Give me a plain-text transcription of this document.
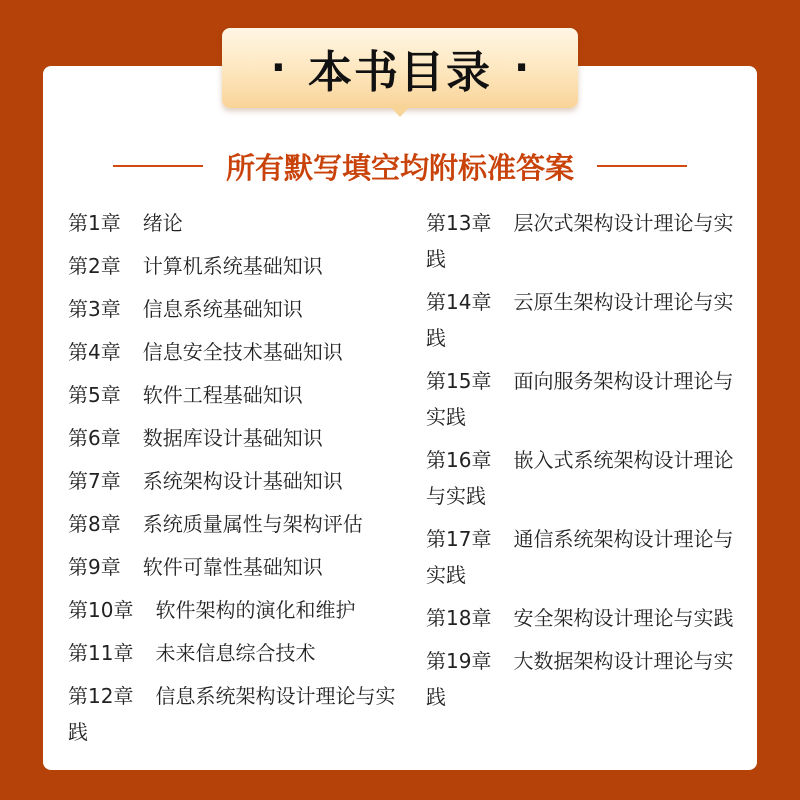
· 本书目录 ·
所有默写填空均附标准答案
第1章 绪论
第2章 计算机系统基础知识
第3章 信息系统基础知识
第4章 信息安全技术基础知识
第5章 软件工程基础知识
第6章 数据库设计基础知识
第7章 系统架构设计基础知识
第8章 系统质量属性与架构评估
第9章 软件可靠性基础知识
第10章 软件架构的演化和维护
第11章 未来信息综合技术
第12章 信息系统架构设计理论与实践
第13章 层次式架构设计理论与实践
第14章 云原生架构设计理论与实践
第15章 面向服务架构设计理论与实践
第16章 嵌入式系统架构设计理论与实践
第17章 通信系统架构设计理论与实践
第18章 安全架构设计理论与实践
第19章 大数据架构设计理论与实践
